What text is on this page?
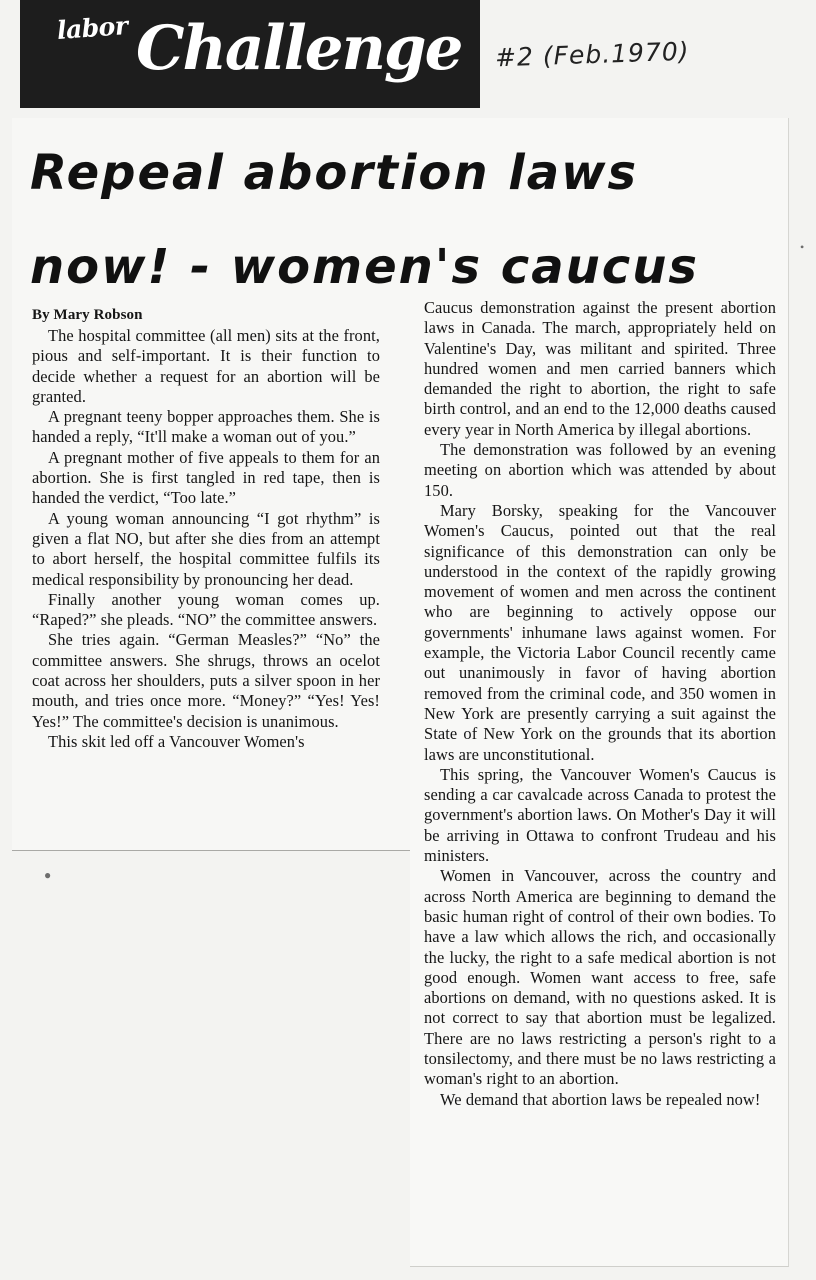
labor Challenge #2 (Feb.1970)
Repeal abortion laws
now! - women's caucus
By Mary Robson

The hospital committee (all men) sits at the front, pious and self-important. It is their function to decide whether a request for an abortion will be granted.

A pregnant teeny bopper approaches them. She is handed a reply, “It'll make a woman out of you.”

A pregnant mother of five appeals to them for an abortion. She is first tangled in red tape, then is handed the verdict, “Too late.”

A young woman announcing “I got rhythm” is given a flat NO, but after she dies from an attempt to abort herself, the hospital committee fulfils its medical responsibility by pronouncing her dead.

Finally another young woman comes up. “Raped?” she pleads. “NO” the committee answers.

She tries again. “German Measles?” “No” the committee answers. She shrugs, throws an ocelot coat across her shoulders, puts a silver spoon in her mouth, and tries once more. “Money?” “Yes! Yes! Yes!” The committee's decision is unanimous.

This skit led off a Vancouver Women's

Caucus demonstration against the present abortion laws in Canada. The march, appropriately held on Valentine's Day, was militant and spirited. Three hundred women and men carried banners which demanded the right to abortion, the right to safe birth control, and an end to the 12,000 deaths caused every year in North America by illegal abortions.

The demonstration was followed by an evening meeting on abortion which was attended by about 150.

Mary Borsky, speaking for the Vancouver Women's Caucus, pointed out that the real significance of this demonstration can only be understood in the context of the rapidly growing movement of women and men across the continent who are beginning to actively oppose our governments' inhumane laws against women. For example, the Victoria Labor Council recently came out unanimously in favor of having abortion removed from the criminal code, and 350 women in New York are presently carrying a suit against the State of New York on the grounds that its abortion laws are unconstitutional.

This spring, the Vancouver Women's Caucus is sending a car cavalcade across Canada to protest the government's abortion laws. On Mother's Day it will be arriving in Ottawa to confront Trudeau and his ministers.

Women in Vancouver, across the country and across North America are beginning to demand the basic human right of control of their own bodies. To have a law which allows the rich, and occasionally the lucky, the right to a safe medical abortion is not good enough. Women want access to free, safe abortions on demand, with no questions asked. It is not correct to say that abortion must be legalized. There are no laws restricting a person's right to a tonsilectomy, and there must be no laws restricting a woman's right to an abortion.

We demand that abortion laws be repealed now!

●
•
